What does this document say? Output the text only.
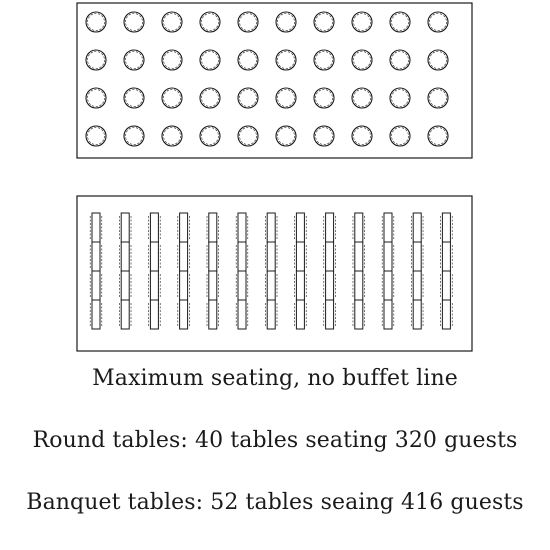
Maximum seating, no buffet line
Round tables: 40 tables seating 320 guests
Banquet tables: 52 tables seaing 416 guests
